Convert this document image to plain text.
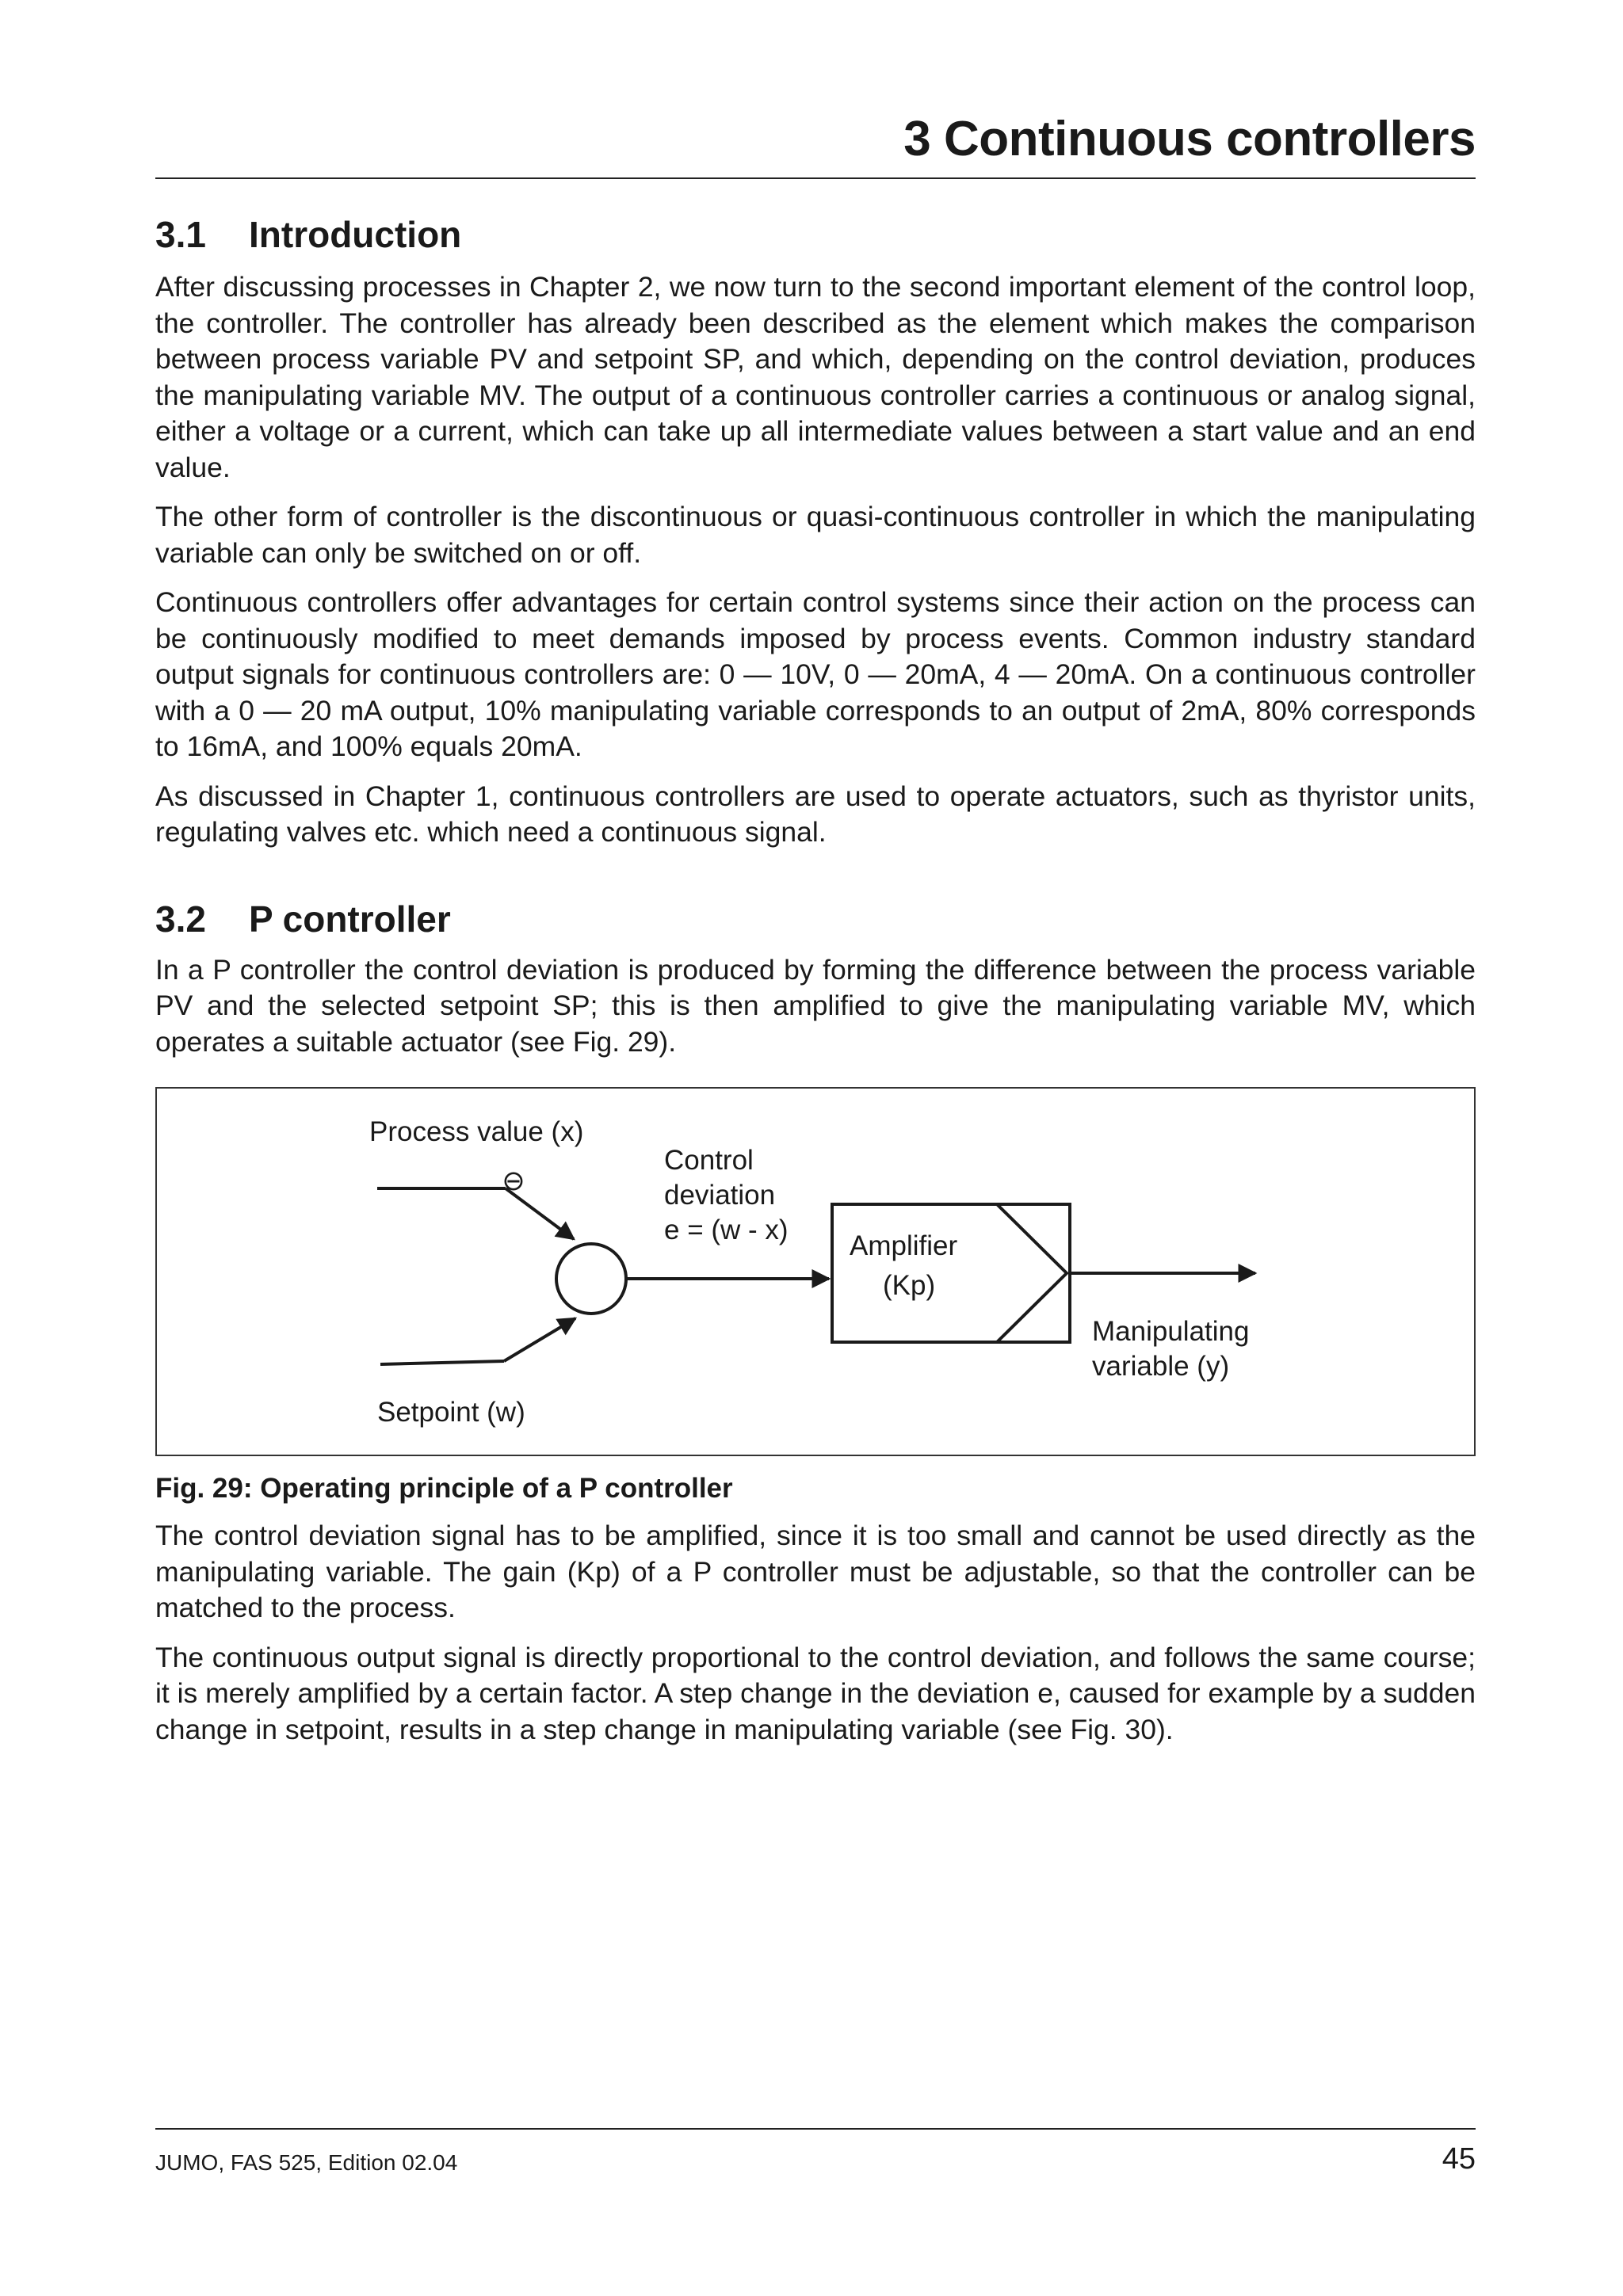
3 Continuous controllers
3.1	Introduction

After discussing processes in Chapter 2, we now turn to the second important element of the control loop, the controller. The controller has already been described as the element which makes the comparison between process variable PV and setpoint SP, and which, depending on the control deviation, produces the manipulating variable MV. The output of a continuous controller carries a continuous or analog signal, either a voltage or a current, which can take up all intermediate values between a start value and an end value.

The other form of controller is the discontinuous or quasi-continuous controller in which the manipulating variable can only be switched on or off.

Continuous controllers offer advantages for certain control systems since their action on the process can be continuously modified to meet demands imposed by process events. Common industry standard output signals for continuous controllers are: 0 — 10V, 0 — 20mA, 4 — 20mA. On a continuous controller with a 0 — 20 mA output, 10% manipulating variable corresponds to an output of 2mA, 80% corresponds to 16mA, and 100% equals 20mA.

As discussed in Chapter 1, continuous controllers are used to operate actuators, such as thyristor units, regulating valves etc. which need a continuous signal.

3.2	P controller

In a P controller the control deviation is produced by forming the difference between the process variable PV and the selected setpoint SP; this is then amplified to give the manipulating variable MV, which operates a suitable actuator (see Fig. 29).

Process value (x)
⊖
Control
deviation
e = (w - x)
Amplifier
(Kp)
Manipulating
variable (y)
Setpoint (w)
Fig. 29: Operating principle of a P controller

The control deviation signal has to be amplified, since it is too small and cannot be used directly as the manipulating variable. The gain (Kp) of a P controller must be adjustable, so that the controller can be matched to the process.

The continuous output signal is directly proportional to the control deviation, and follows the same course; it is merely amplified by a certain factor. A step change in the deviation e, caused for example by a sudden change in setpoint, results in a step change in manipulating variable (see Fig. 30).

JUMO, FAS 525, Edition 02.04	45
